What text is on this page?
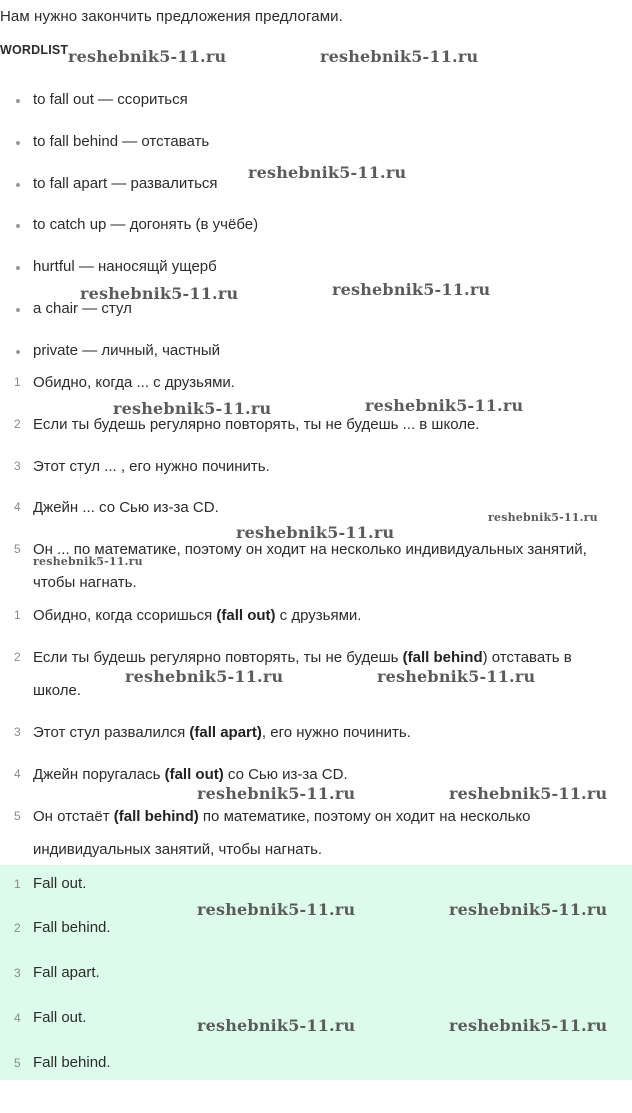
Нам нужно закончить предложения предлогами.
WORDLIST
to fall out — ссориться
to fall behind — отставать
to fall apart — развалиться
to catch up — догонять (в учёбе)
hurtful — наносящй ущерб
a chair — стул
private — личный, частный
1 Обидно, когда ... с друзьями.
2 Если ты будешь регулярно повторять, ты не будешь ... в школе.
3 Этот стул ... , его нужно починить.
4 Джейн ... со Сью из-за CD.
5 Он ... по математике, поэтому он ходит на несколько индивидуальных занятий, чтобы нагнать.
1 Обидно, когда ссоришься (fall out) с друзьями.
2 Если ты будешь регулярно повторять, ты не будешь (fall behind) отставать в школе.
3 Этот стул развалился (fall apart), его нужно починить.
4 Джейн поругалась (fall out) со Сью из-за CD.
5 Он отстаёт (fall behind) по математике, поэтому он ходит на несколько индивидуальных занятий, чтобы нагнать.
1 Fall out.
2 Fall behind.
3 Fall apart.
4 Fall out.
5 Fall behind.
reshebnik5-11.ru	reshebnik5-11.ru
reshebnik5-11.ru
reshebnik5-11.ru	reshebnik5-11.ru
reshebnik5-11.ru	reshebnik5-11.ru
reshebnik5-11.ru
reshebnik5-11.ru
reshebnik5-11.ru
reshebnik5-11.ru	reshebnik5-11.ru
reshebnik5-11.ru	reshebnik5-11.ru
reshebnik5-11.ru	reshebnik5-11.ru
reshebnik5-11.ru	reshebnik5-11.ru
